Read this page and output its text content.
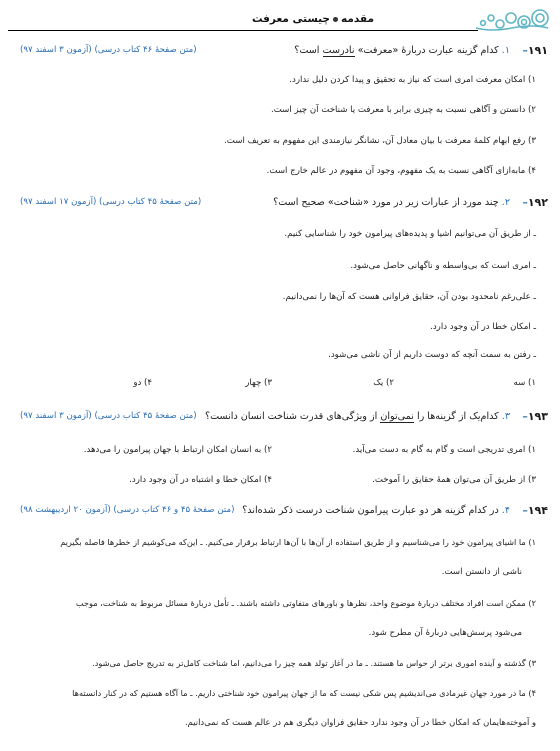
مقدمهچیستی معرفت
۱۹۱–
۱. کدام گزینه عبارت دربارهٔ «معرفت» نادرست است؟
(متن صفحهٔ ۴۶ کتاب درسی) (آزمون ۳ اسفند ۹۷)
۱) امکان معرفت امری است که نیاز به تحقیق و پیدا کردن دلیل ندارد.
۲) دانستن و آگاهی نسبت به چیزی برابر با معرفت یا شناخت آن چیز است.
۳) رفع ابهام کلمهٔ معرفت با بیان معادل آن، نشانگر نیازمندی این مفهوم به تعریف است.
۴) مابه‌ازای آگاهی نسبت به یک مفهوم، وجود آن مفهوم در عالم خارج است.
۱۹۲–
۲. چند مورد از عبارات زیر در مورد «شناخت» صحیح است؟
(متن صفحهٔ ۴۵ کتاب درسی) (آزمون ۱۷ اسفند ۹۷)
ـ از طریق آن می‌توانیم اشیا و پدیده‌های پیرامون خود را شناسایی کنیم.
ـ امری است که بی‌واسطه و ناگهانی حاصل می‌شود.
ـ علی‌رغم نامحدود بودن آن، حقایق فراوانی هست که آن‌ها را نمی‌دانیم.
ـ امکان خطا در آن وجود دارد.
ـ رفتن به سمت آنچه که دوست داریم از آن ناشی می‌شود.
۱) سه
۲) یک
۳) چهار
۴) دو
۱۹۳–
۳. کدام‌یک از گزینه‌ها را نمی‌توان از ویژگی‌های قدرت شناخت انسان دانست؟
(متن صفحهٔ ۴۵ کتاب درسی) (آزمون ۳ اسفند ۹۷)
۱) امری تدریجی است و گام به گام به دست می‌آید.
۲) به انسان امکان ارتباط با جهان پیرامون را می‌دهد.
۳) از طریق آن می‌توان همهٔ حقایق را آموخت.
۴) امکان خطا و اشتباه در آن وجود دارد.
۱۹۴–
۴. در کدام گزینه هر دو عبارت پیرامون شناخت درست ذکر شده‌اند؟
(متن صفحهٔ ۴۵ و ۴۶ کتاب درسی) (آزمون ۲۰ اردیبهشت ۹۸)
۱) ما اشیای پیرامون خود را می‌شناسیم و از طریق استفاده از آن‌ها با آن‌ها ارتباط برقرار می‌کنیم. ـ این‌که می‌کوشیم از خطرها فاصله بگیریم
ناشی از دانستن است.
۲) ممکن است افراد مختلف دربارهٔ موضوع واحد، نظرها و باورهای متفاوتی داشته باشند. ـ تأمل دربارهٔ مسائل مربوط به شناخت، موجب
می‌شود پرسش‌هایی دربارهٔ آن مطرح شود.
۳) گذشته و آینده اموری برتر از حواس ما هستند. ـ ما در آغاز تولد همه چیز را می‌دانیم، اما شناخت کامل‌تر به تدریج حاصل می‌شود.
۴) ما در مورد جهان غیرمادی می‌اندیشیم پس شکی نیست که ما از جهان پیرامون خود شناختی داریم. ـ ما آگاه هستیم که در کنار دانسته‌ها
و آموخته‌هایمان که امکان خطا در آن وجود ندارد حقایق فراوان دیگری هم در عالم هست که نمی‌دانیم.
